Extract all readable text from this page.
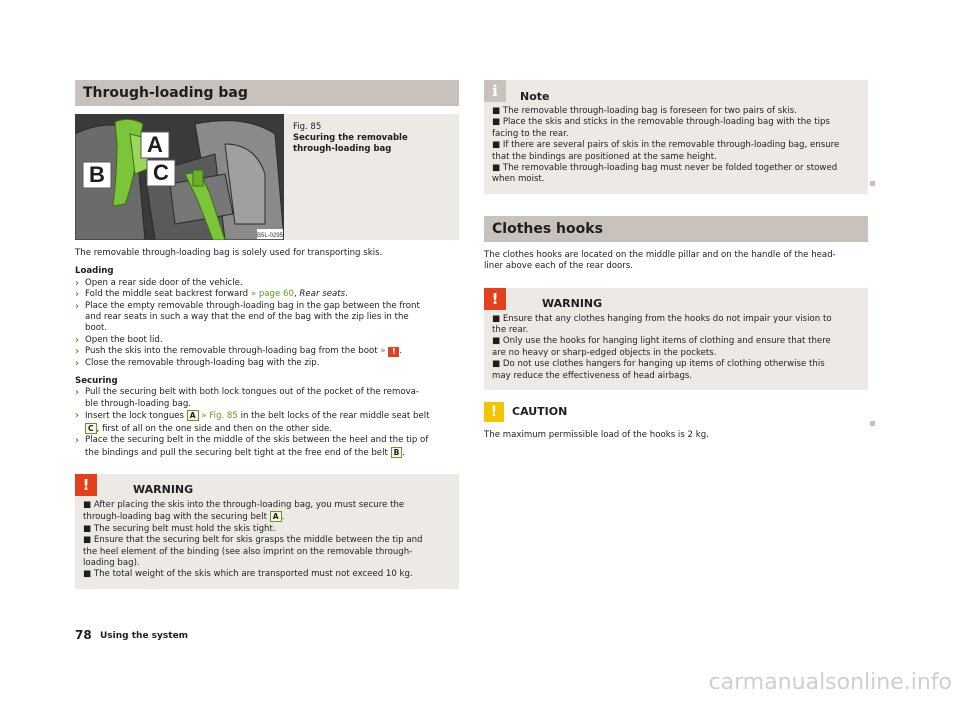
Through-loading bag
A
B C
B5L-0295
Fig. 85
Securing the removable
through-loading bag

The removable through-loading bag is solely used for transporting skis.

Loading
› Open a rear side door of the vehicle.
› Fold the middle seat backrest forward » page 60, Rear seats.
› Place the empty removable through-loading bag in the gap between the front
and rear seats in such a way that the end of the bag with the zip lies in the
boot.
› Open the boot lid.
› Push the skis into the removable through-loading bag from the boot » ! .
› Close the removable through-loading bag with the zip.
Securing
› Pull the securing belt with both lock tongues out of the pocket of the remova-
ble through-loading bag.
› Insert the lock tongues A » Fig. 85 in the belt locks of the rear middle seat belt
C , first of all on the one side and then on the other side.
› Place the securing belt in the middle of the skis between the heel and the tip of
the bindings and pull the securing belt tight at the free end of the belt B .
!	WARNING
■ After placing the skis into the through-loading bag, you must secure the
through-loading bag with the securing belt A .
■ The securing belt must hold the skis tight.
■ Ensure that the securing belt for skis grasps the middle between the tip and
the heel element of the binding (see also imprint on the removable through-
loading bag).
■ The total weight of the skis which are transported must not exceed 10 kg.
i	Note
■ The removable through-loading bag is foreseen for two pairs of skis.
■ Place the skis and sticks in the removable through-loading bag with the tips
facing to the rear.
■ If there are several pairs of skis in the removable through-loading bag, ensure
that the bindings are positioned at the same height.
■ The removable through-loading bag must never be folded together or stowed
when moist.
Clothes hooks

The clothes hooks are located on the middle pillar and on the handle of the head-

liner above each of the rear doors.

!	WARNING
■ Ensure that any clothes hanging from the hooks do not impair your vision to
the rear.
■ Only use the hooks for hanging light items of clothing and ensure that there
are no heavy or sharp-edged objects in the pockets.
■ Do not use clothes hangers for hanging up items of clothing otherwise this
may reduce the effectiveness of head airbags.
!	CAUTION

The maximum permissible load of the hooks is 2 kg.

78 Using the system
carmanualsonline.info
